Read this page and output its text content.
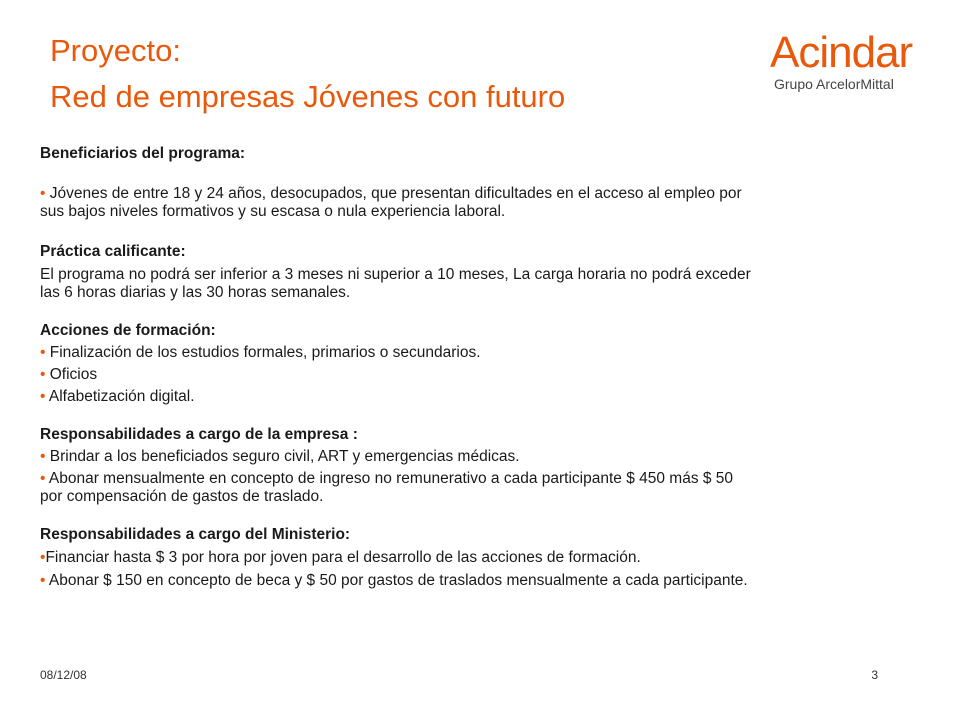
Proyecto:
Red de empresas Jóvenes con futuro
Acindar
Grupo ArcelorMittal

Beneficiarios del programa:

• Jóvenes de entre 18 y 24 años, desocupados, que presentan dificultades en el acceso al empleo por

sus bajos niveles formativos y su escasa o nula experiencia laboral.

Práctica calificante:

El programa no podrá ser inferior a 3 meses ni superior a 10 meses, La carga horaria no podrá exceder

las 6 horas diarias y las 30 horas semanales.

Acciones de formación:

• Finalización de los estudios formales, primarios o secundarios.

• Oficios

• Alfabetización digital.

Responsabilidades a cargo de la empresa :

• Brindar a los beneficiados seguro civil, ART y emergencias médicas.

• Abonar mensualmente en concepto de ingreso no remunerativo a cada participante $ 450 más $ 50

por compensación de gastos de traslado.

Responsabilidades a cargo del Ministerio:

•Financiar hasta $ 3 por hora por joven para el desarrollo de las acciones de formación.

• Abonar $ 150 en concepto de beca y $ 50 por gastos de traslados mensualmente a cada participante.

08/12/08	3
